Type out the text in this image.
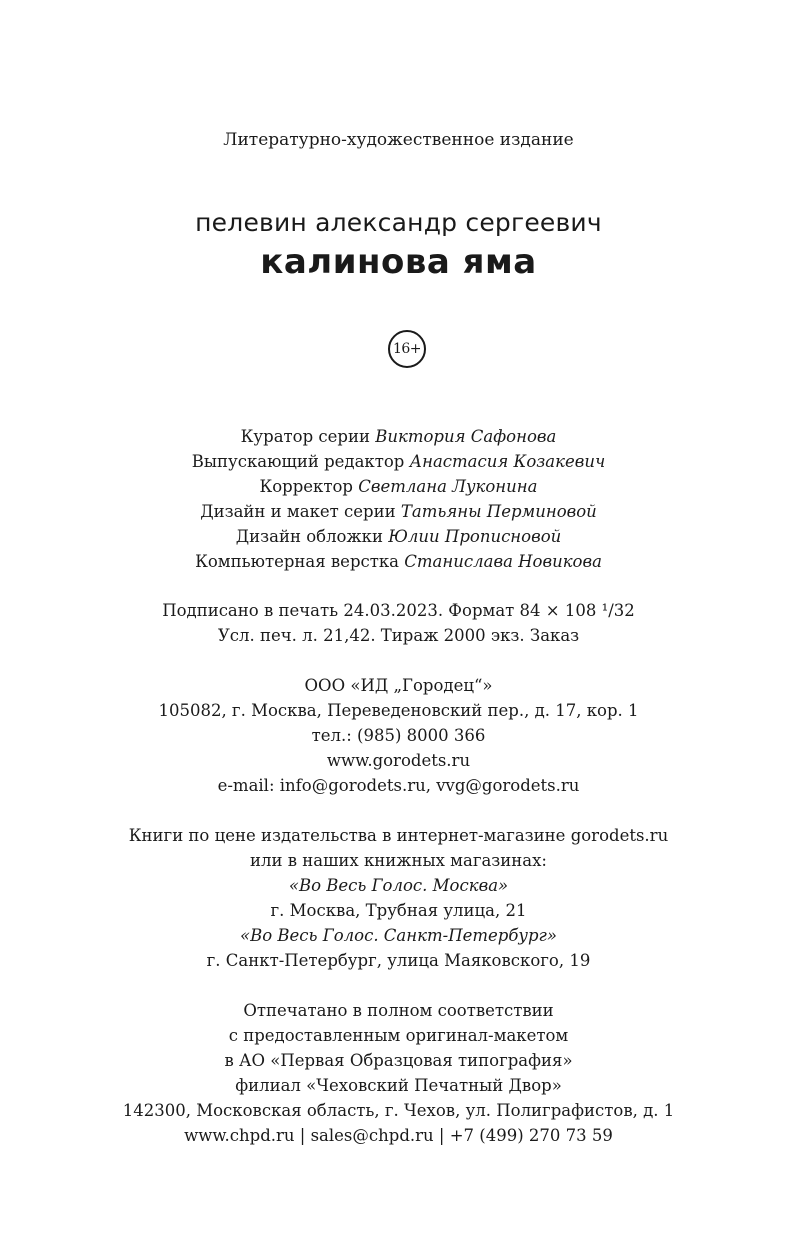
Литературно-художественное издание
пелевин александр сергеевич
калинова яма
16+
Куратор серии Виктория Сафонова
Выпускающий редактор Анастасия Козакевич
Корректор Светлана Луконина
Дизайн и макет серии Татьяны Перминовой
Дизайн обложки Юлии Прописновой
Компьютерная верстка Станислава Новикова
Подписано в печать 24.03.2023. Формат 84 × 108 ¹/32
Усл. печ. л. 21,42. Тираж 2000 экз. Заказ
ООО «ИД „Городец“»
105082, г. Москва, Переведеновский пер., д. 17, кор. 1
тел.: (985) 8000 366
www.gorodets.ru
e-mail: info@gorodets.ru, vvg@gorodets.ru
Книги по цене издательства в интернет-магазине gorodets.ru
или в наших книжных магазинах:
«Во Весь Голос. Москва»
г. Москва, Трубная улица, 21
«Во Весь Голос. Санкт-Петербург»
г. Санкт-Петербург, улица Маяковского, 19
Отпечатано в полном соответствии
с предоставленным оригинал-макетом
в АО «Первая Образцовая типография»
филиал «Чеховский Печатный Двор»
142300, Московская область, г. Чехов, ул. Полиграфистов, д. 1
www.chpd.ru | sales@chpd.ru | +7 (499) 270 73 59
